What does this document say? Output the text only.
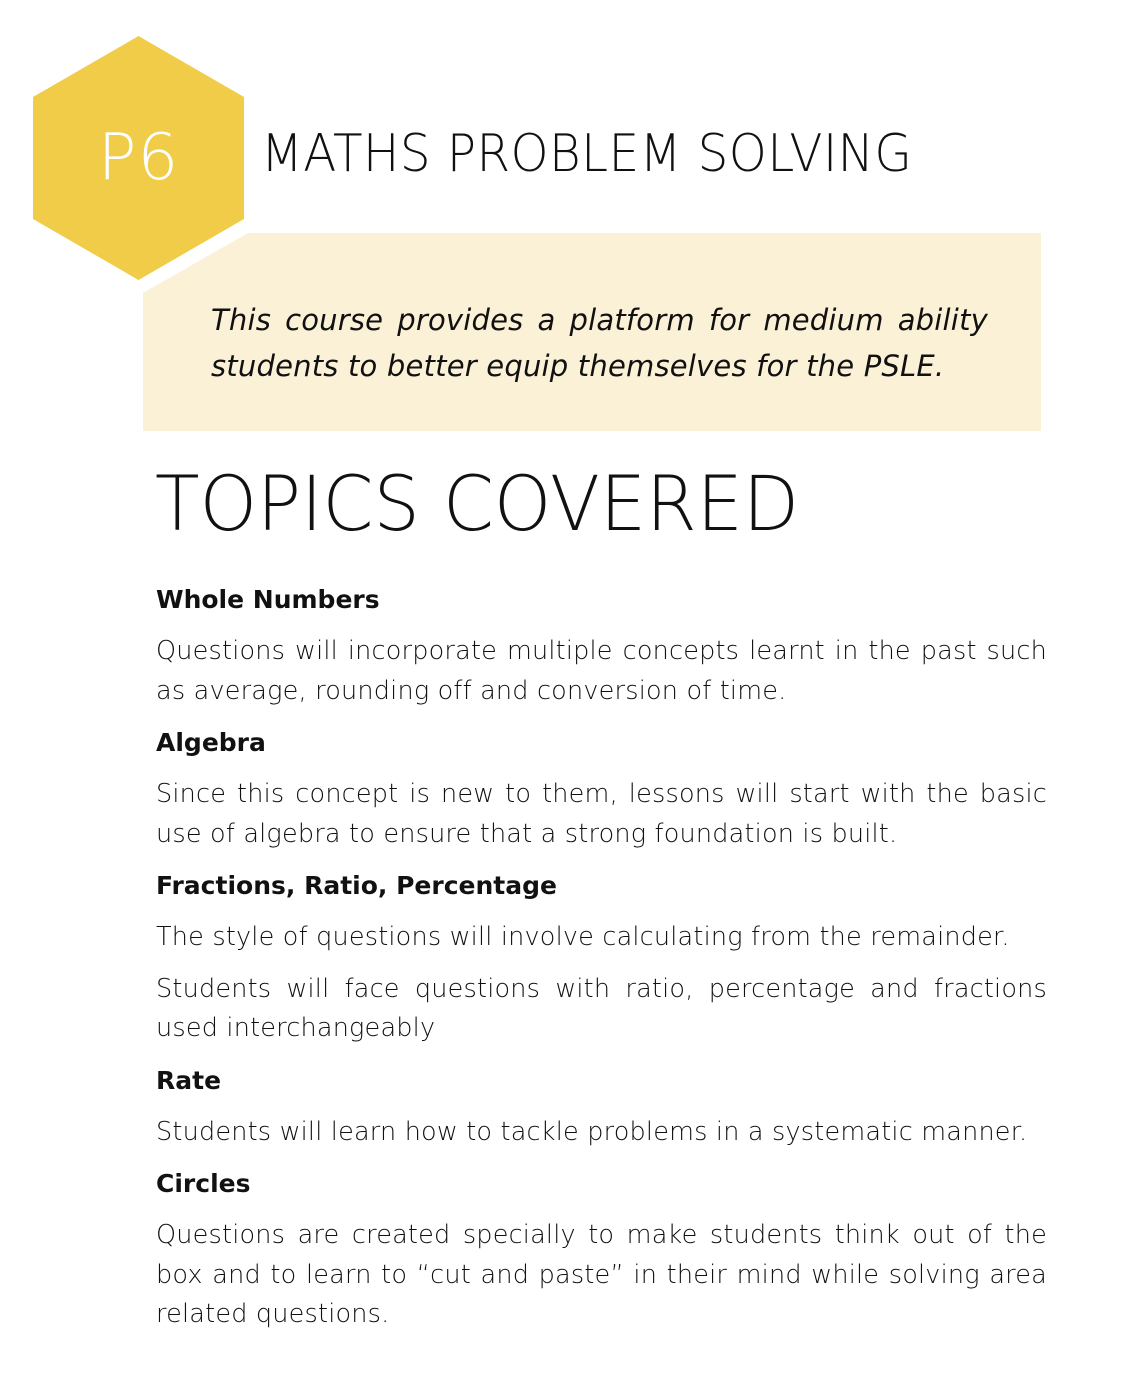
P6	MATHS PROBLEM SOLVING
This course provides a platform for medium ability students to better equip themselves for the PSLE.
TOPICS COVERED
Whole Numbers

Questions will incorporate multiple concepts learnt in the past such as average, rounding off and conversion of time.

Algebra

Since this concept is new to them, lessons will start with the basic use of algebra to ensure that a strong foundation is built.

Fractions, Ratio, Percentage

The style of questions will involve calculating from the remainder.

Students will face questions with ratio, percentage and fractions used interchangeably

Rate

Students will learn how to tackle problems in a systematic manner.

Circles

Questions are created specially to make students think out of the box and to learn to “cut and paste” in their mind while solving area related questions.
